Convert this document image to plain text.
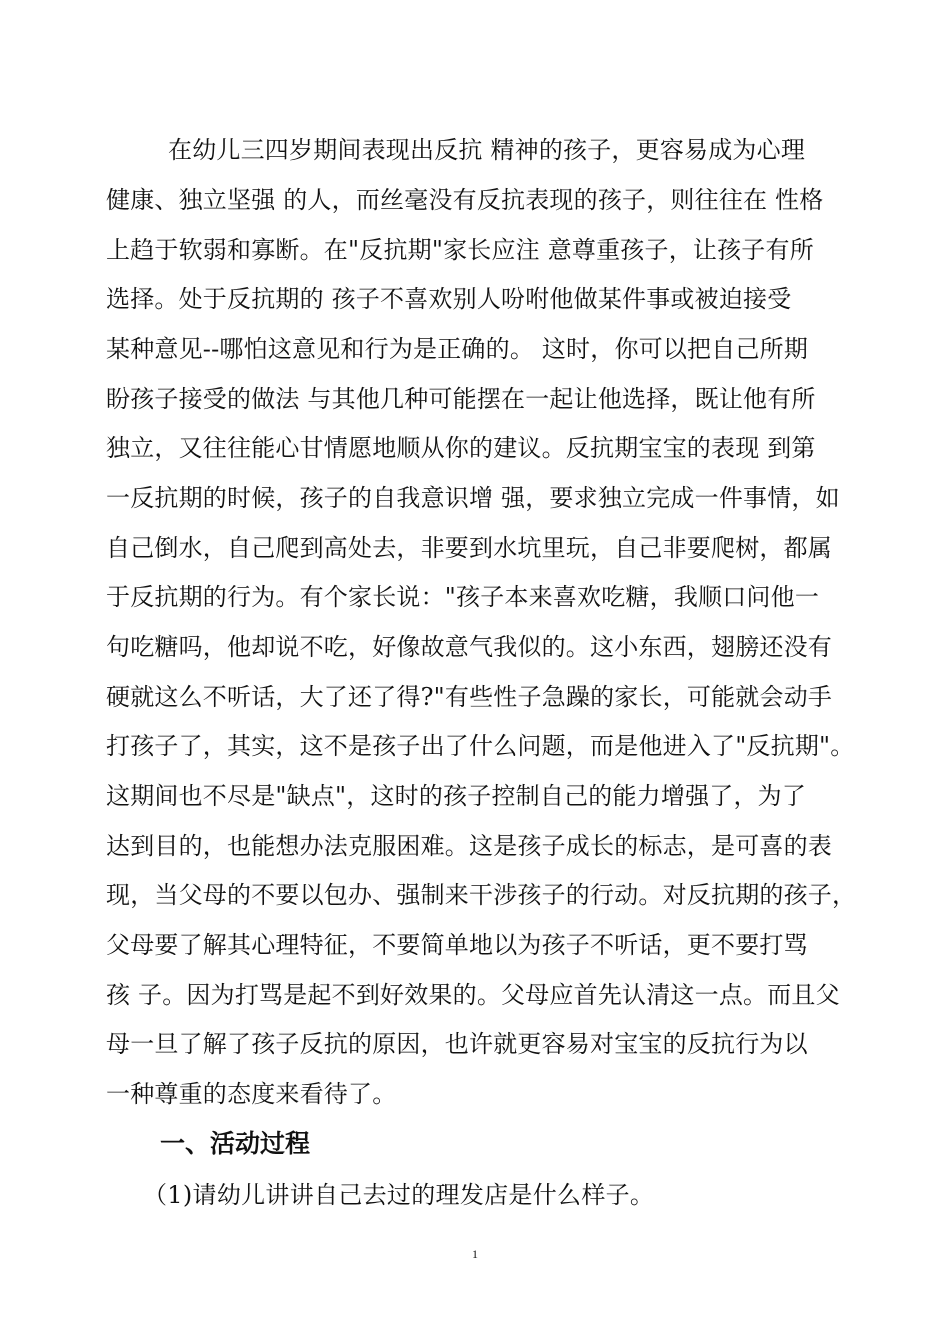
在幼儿三四岁期间表现出反抗 精神的孩子，更容易成为心理
健康、独立坚强 的人，而丝毫没有反抗表现的孩子，则往往在 性格
上趋于软弱和寡断。在"反抗期"家长应注 意尊重孩子，让孩子有所
选择。处于反抗期的 孩子不喜欢别人吩咐他做某件事或被迫接受
某种意见--哪怕这意见和行为是正确的。 这时，你可以把自己所期
盼孩子接受的做法 与其他几种可能摆在一起让他选择，既让他有所
独立，又往往能心甘情愿地顺从你的建议。反抗期宝宝的表现 到第
一反抗期的时候，孩子的自我意识增 强，要求独立完成一件事情，如
自己倒水，自己爬到高处去，非要到水坑里玩，自己非要爬树，都属
于反抗期的行为。有个家长说："孩子本来喜欢吃糖，我顺口问他一
句吃糖吗，他却说不吃，好像故意气我似的。这小东西，翅膀还没有
硬就这么不听话，大了还了得?"有些性子急躁的家长，可能就会动手
打孩子了，其实，这不是孩子出了什么问题，而是他进入了"反抗期"。
这期间也不尽是"缺点"，这时的孩子控制自己的能力增强了，为了
达到目的，也能想办法克服困难。这是孩子成长的标志，是可喜的表
现，当父母的不要以包办、强制来干涉孩子的行动。对反抗期的孩子，
父母要了解其心理特征，不要简单地以为孩子不听话，更不要打骂
孩 子。因为打骂是起不到好效果的。父母应首先认清这一点。而且父
母一旦了解了孩子反抗的原因，也许就更容易对宝宝的反抗行为以
一种尊重的态度来看待了。
一、活动过程
（1)请幼儿讲讲自己去过的理发店是什么样子。
1
